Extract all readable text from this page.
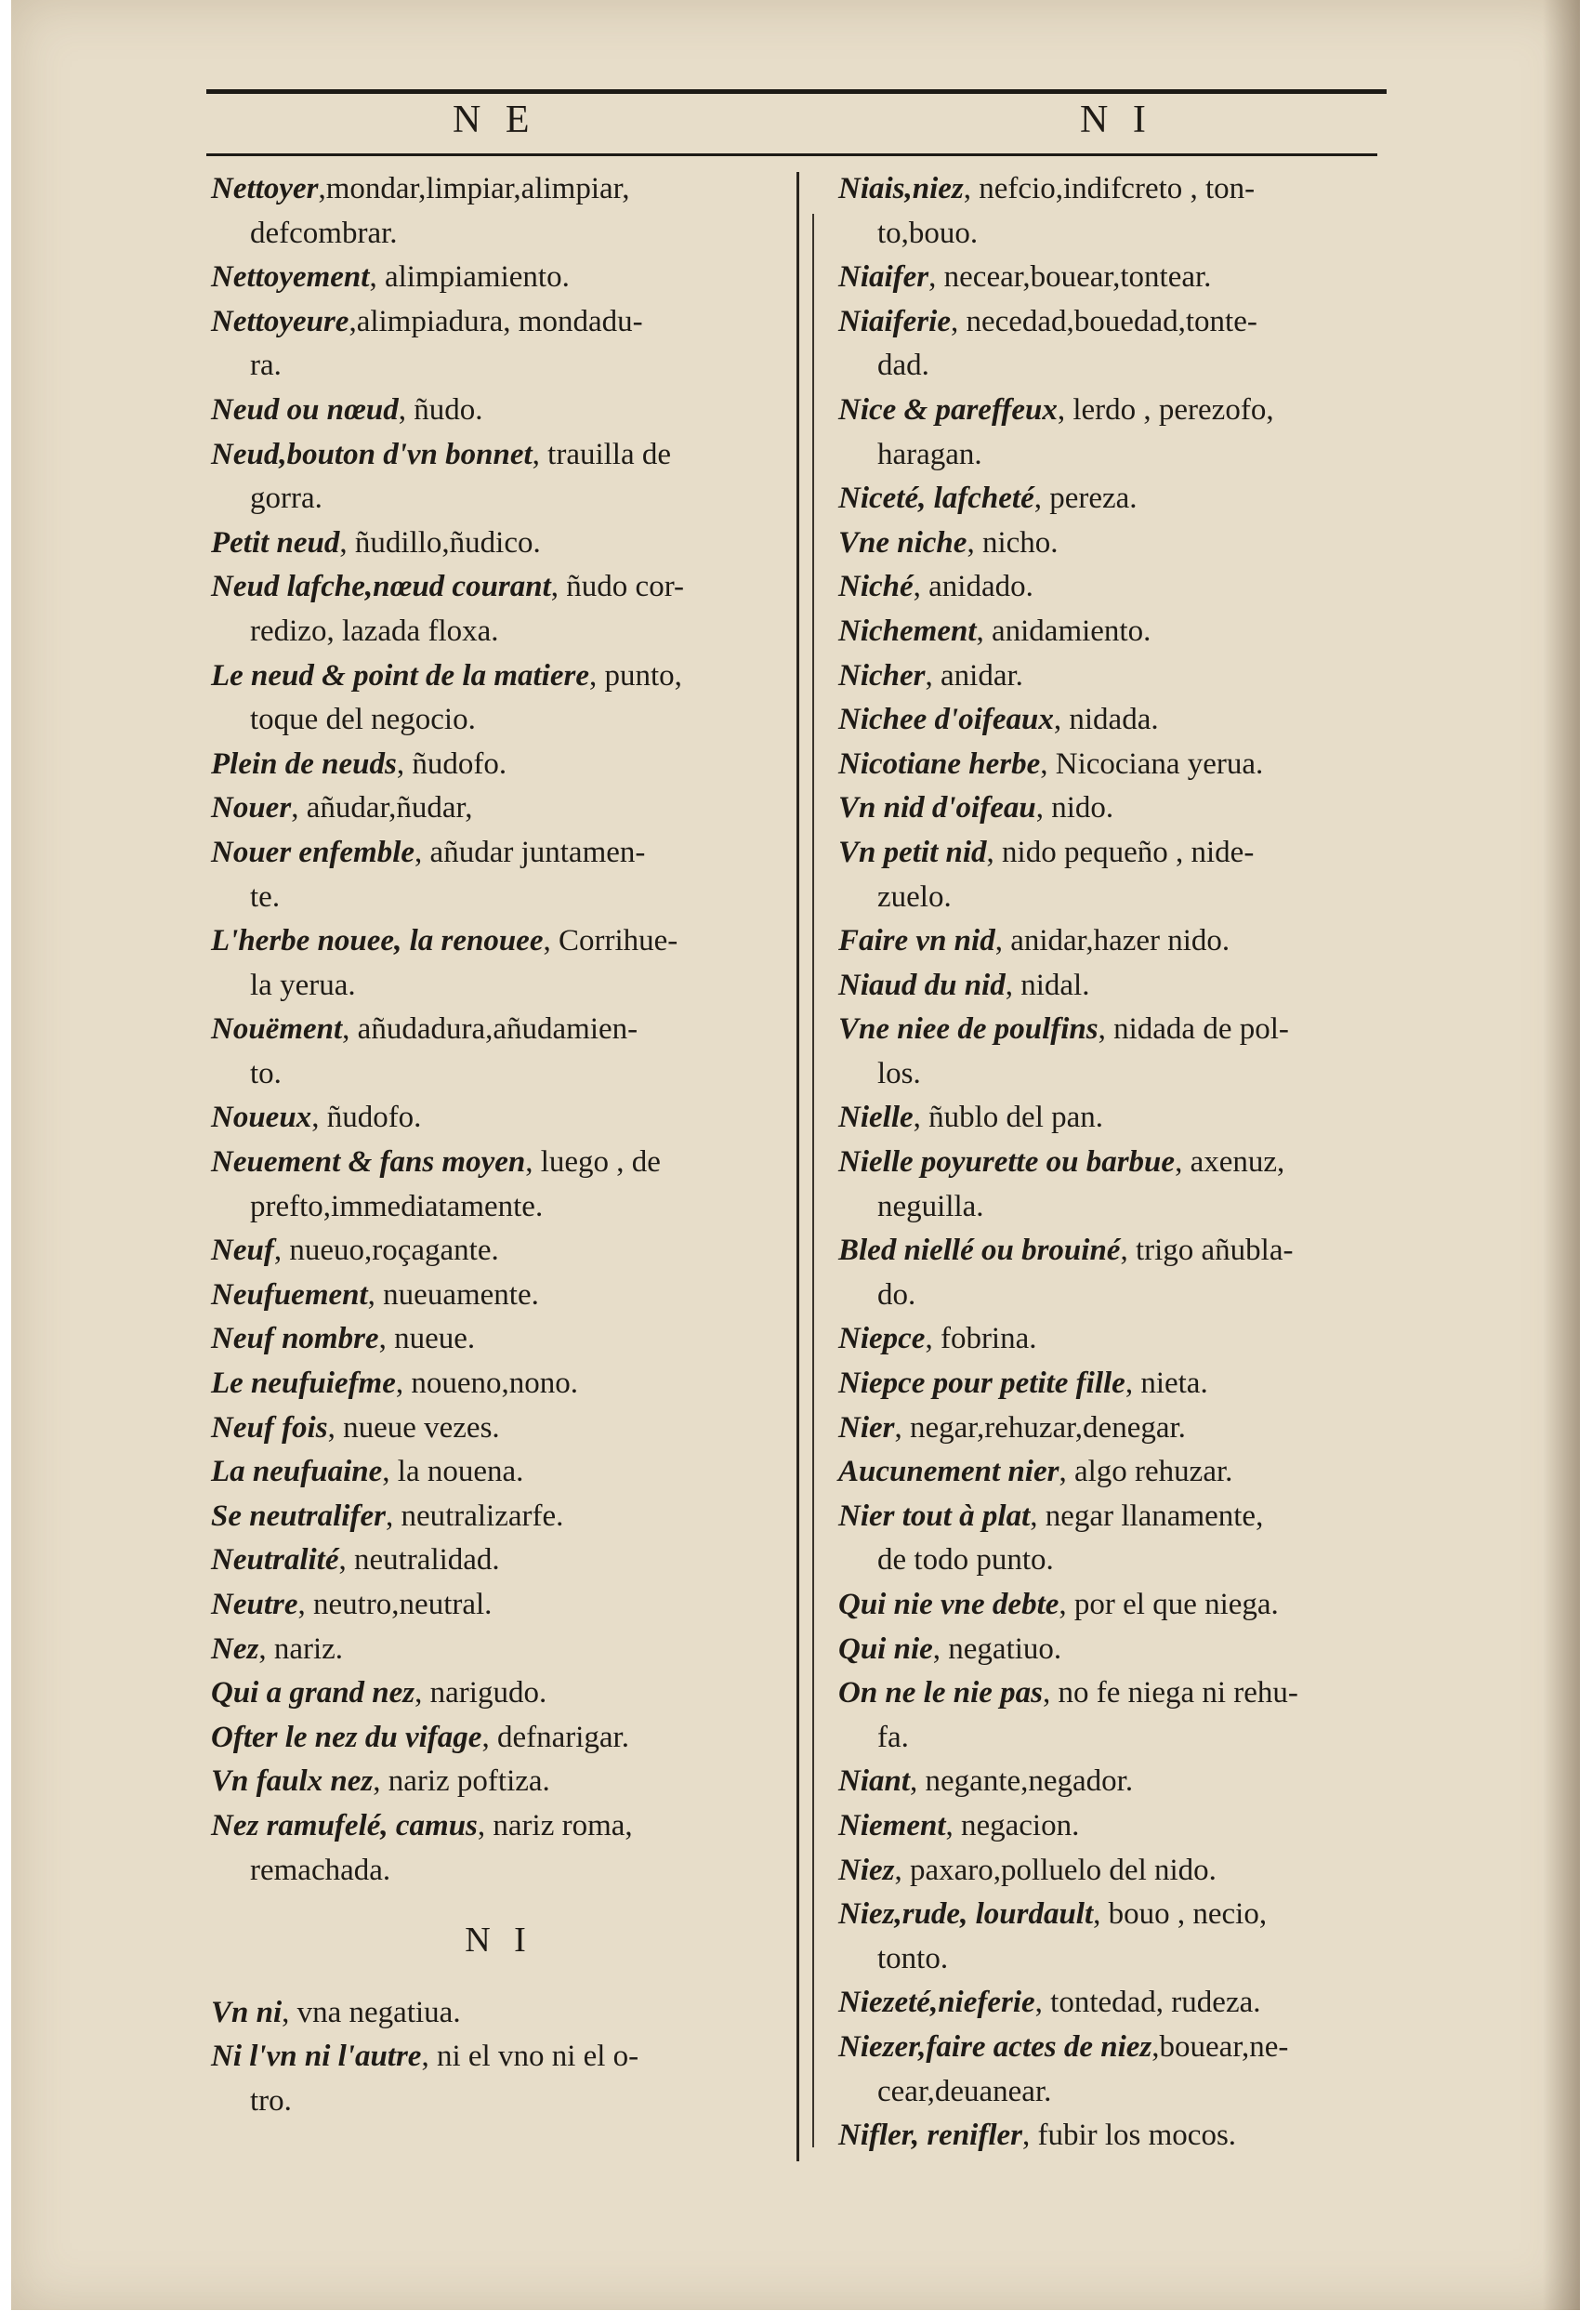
N E	N I
Nettoyer,mondar,limpiar,alimpiar,
defcombrar.
Nettoyement, alimpiamiento.
Nettoyeure,alimpiadura, mondadu-
ra.
Neud ou nœud, ñudo.
Neud,bouton d'vn bonnet, trauilla de
gorra.
Petit neud, ñudillo,ñudico.
Neud lafche,nœud courant, ñudo cor-
redizo, lazada floxa.
Le neud & point de la matiere, punto,
toque del negocio.
Plein de neuds, ñudofo.
Nouer, añudar,ñudar,
Nouer enfemble, añudar juntamen-
te.
L'herbe nouee, la renouee, Corrihue-
la yerua.
Nouëment, añudadura,añudamien-
to.
Noueux, ñudofo.
Neuement & fans moyen, luego , de
prefto,immediatamente.
Neuf, nueuo,roçagante.
Neufuement, nueuamente.
Neuf nombre, nueue.
Le neufuiefme, noueno,nono.
Neuf fois, nueue vezes.
La neufuaine, la nouena.
Se neutralifer, neutralizarfe.
Neutralité, neutralidad.
Neutre, neutro,neutral.
Nez, nariz.
Qui a grand nez, narigudo.
Ofter le nez du vifage, defnarigar.
Vn faulx nez, nariz poftiza.
Nez ramufelé, camus, nariz roma,
remachada.
N I
Vn ni, vna negatiua.
Ni l'vn ni l'autre, ni el vno ni el o-
tro.
Niais,niez, nefcio,indifcreto , ton-
to,bouo.
Niaifer, necear,bouear,tontear.
Niaiferie, necedad,bouedad,tonte-
dad.
Nice & pareffeux, lerdo , perezofo,
haragan.
Niceté, lafcheté, pereza.
Vne niche, nicho.
Niché, anidado.
Nichement, anidamiento.
Nicher, anidar.
Nichee d'oifeaux, nidada.
Nicotiane herbe, Nicociana yerua.
Vn nid d'oifeau, nido.
Vn petit nid, nido pequeño , nide-
zuelo.
Faire vn nid, anidar,hazer nido.
Niaud du nid, nidal.
Vne niee de poulfins, nidada de pol-
los.
Nielle, ñublo del pan.
Nielle poyurette ou barbue, axenuz,
neguilla.
Bled niellé ou brouiné, trigo añubla-
do.
Niepce, fobrina.
Niepce pour petite fille, nieta.
Nier, negar,rehuzar,denegar.
Aucunement nier, algo rehuzar.
Nier tout à plat, negar llanamente,
de todo punto.
Qui nie vne debte, por el que niega.
Qui nie, negatiuo.
On ne le nie pas, no fe niega ni rehu-
fa.
Niant, negante,negador.
Niement, negacion.
Niez, paxaro,polluelo del nido.
Niez,rude, lourdault, bouo , necio,
tonto.
Niezeté,nieferie, tontedad, rudeza.
Niezer,faire actes de niez,bouear,ne-
cear,deuanear.
Nifler, renifler, fubir los mocos.
